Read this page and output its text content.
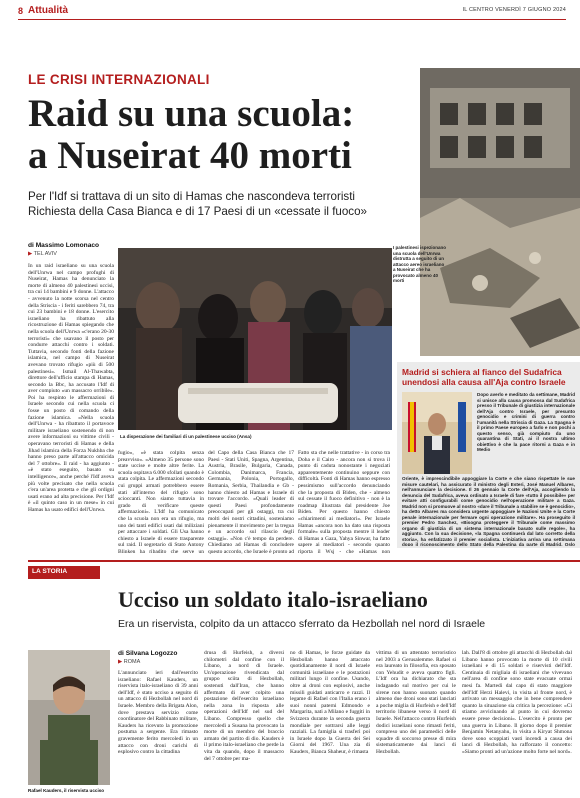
8 Attualità	IL CENTRO VENERDÌ 7 GIUGNO 2024
LE CRISI INTERNAZIONALI
Raid su una scuola:
a Nuseirat 40 morti
Per l'Idf si trattava di un sito di Hamas che nascondeva terroristi
Richiesta della Casa Bianca e di 17 Paesi di un «cessate il fuoco»
I palestinesi ispezionano una scuola dell'Unrwa distrutta a seguito di un attacco aereo israeliano a Nuseirat che ha provocato almeno 40 morti
di Massimo Lomonaco
▶ TEL AVIV
In un raid israeliano su una scuola dell'Unrwa nel campo profughi di Nuseirat, Hamas ha denunciato la morte di almeno 40 palestinesi uccisi, tra cui 14 bambini e 9 donne. L'attacco - avvenuto la notte scorsa nel centro della Striscia - i feriti sarebbero 74, tra cui 23 bambini e 18 donne. L'esercito israeliano ha ribattuto alla ricostruzione di Hamas spiegando che nella scuola dell'Unrwa «c'erano 20-30 terroristi» che usavano il posto per condurre attacchi contro i soldati. Tuttavia, secondo fonti della fazione islamica, nel campo di Nuseirat avevano trovato rifugio «più di 500 palestinesi». Ismail Al-Thawabta, direttore dell'ufficio stampa di Hamas, secondo la Bbc, ha accusato l'Idf di aver compiuto «un massacro orribile». Poi ha respinto le affermazioni di Israele secondo cui nella scuola ci fosse un posto di comando della fazione islamica. «Nella scuola dell'Unrwa - ha ribattuto il portavoce militare israeliano sostenendo di non avere informazioni su vittime civili - operavano terroristi di Hamas e della Jihad islamica della Forza Nukhba che hanno preso parte all'attacco omicida del 7 ottobre». Il raid - ha aggiunto - «è stato eseguito, basato su intelligence», anche perché l'Idf aveva più volte precisato che nella scuola c'era un'area protetta e che gli ordigni usati erano ad alta precisione. Per l'Idf è «il quinto caso in un mese» in cui Hamas ha usato edifici dell'Unrwa.
La disperazione dei familiari di un palestinese ucciso (Ansa)
fugio», «è stata colpita senza preavviso». «Almeno 35 persone sono state uccise e molte altre ferite. La scuola ospitava 6.000 sfollati quando è stata colpita. Le affermazioni secondo cui gruppi armati potrebbero essere stati all'interno del rifugio sono scioccanti. Non siamo tuttavia in grado di verificare queste affermazioni». L'Idf ha comunicato che la scuola non era un rifugio, ma uno dei tanti edifici usati dai miliziani per attaccare i soldati. Gli Usa hanno chiesto a Israele di essere trasparente sul raid. Il segretario di Stato Antony Blinken ha ribadito che serve un
del Capo della Casa Bianca che 17 Paesi - Stati Uniti, Spagna, Argentina, Austria, Brasile, Bulgaria, Canada, Colombia, Danimarca, Francia, Germania, Polonia, Portogallo, Romania, Serbia, Thailandia e Gb - hanno chiesto ad Hamas e Israele di trovare l'accordo. «Quali leader di questi Paesi profondamente preoccupati per gli ostaggi, tra cui molti dei nostri cittadini, sosteniamo pienamente il movimento per la tregua e un accordo sul rilascio degli ostaggi». «Non c'è tempo da perdere. Chiediamo ad Hamas di concludere questo accordo, che Israele è pronto ad
Fatto sta che nelle trattative - in corso tra Doha e il Cairo - ancora non si trova il punto di caduta nonostante i negoziati apparentemente continuino seppure con difficoltà. Fonti di Hamas hanno espresso pessimismo sull'accordo denunciando che la proposta di Biden, che - almeno sul cessate il fuoco definitivo - non è la roadmap illustrata dal presidente Joe Biden. Per questo hanno chiesto «chiarimenti ai mediatori». Per Israele Hamas «ancora non ha dato una risposta formale» sulla proposta mentre il leader di Hamas a Gaza, Yahya Sinwar, ha fatto sapere ai mediatori - secondo quanto riporta il Wsj - che «Hamas non
Madrid si schiera al fianco del Sudafrica unendosi alla causa all'Aja contro Israele
Dopo averlo e meditato da settimane, Madrid si unisce alla causa promossa dal Sudafrica presso il Tribunale di giustizia internazionale dell'Aja contro Israele, per presunto genocidio e crimini di guerra contro l'umanità nella Striscia di Gaza. La Spagna è il primo Paese europeo a farlo e non pochi a questo senso, già compiuto da uno quarantina di Stati, ai il nostra ultimo obiettivo è che la pace ritorni a Gaza e in Medio
Oriente, è imprescindibile appoggiare la Corte e che siano rispettate le sue misure cautelari, ha assicurato il ministro degli Esteri, José Manuel Albares, nell'annunciare la decisione. Il 26 gennaio la Corte dell'Aja, accogliendo la denuncia del Sudafrica, aveva ordinato a Israele di fare «tutto il possibile» per evitare atti configurabili come genocidio nell'operazione militare a Gaza. Madrid non si promuove al nostro «dare il Tribunale a stabilire se è genocidio», ha detto Albares ma considera urgente appoggiare le Nazioni Unite e la Corte penale internazionale per fermare ogni operazione militare». Ha proseguito il premier Pedro Sanchez, «Bisogna proteggere il Tribunale come massimo organo di giustizia di un sistema internazionale basato sulle regole», ha aggiunto. Con la sua decisione, «la Spagna continuerà dal lato corretto della storia», ha enfatizzato il premier socialista. L'iniziativa arriva una settimana dopo il riconoscimento dello Stato della Palestina da parte di Madrid, Oslo
LA STORIA
Ucciso un soldato italo-israeliano
Era un riservista, colpito da un attacco sferrato da Hezbollah nel nord di Israele
Rafael Kauders, il riservista ucciso
di Silvana Logozzo
▶ ROMA
L'annunciato ieri dall'esercito israeliano: Rafael Kauders, un riservista italo-israeliano di 39 anni dell'Idf, è stato ucciso a seguito di un attacco di Hezbollah nel nord di Israele. Membro della Brigata Alon, dove prestava servizio come coordinatore del Rabbinato militare, Kauders ha ricevuto la promozione postuma a sergente. Era rimasto gravemente ferito mercoledì in un attacco con droni carichi di esplosivo contro la cittadina
drusa di Hurfeish, a diversi chilometri dal confine con il Libano, a nord di Israele. Un'operazione rivendicata dal gruppo sciita di Hezbollah, sostenuti dall'Iran, che hanno affermato di aver colpito una postazione dell'esercito israeliano nella zona in risposta alle operazioni dell'Idf nel sud del Libano. Compresso quello che mercoledì a Susana ha provocato la morte di un membro del braccio armato del partito di dio. Kauders è il primo italo-israeliano che perde la vita da quando, dopo il massacro del 7 ottobre per ma-
no di Hamas, le forze guidate da Hezbollah hanno attaccato quotidianamente il nord di Israele comunità israeliane e le postazioni militari lungo il confine. Usando, oltre ai droni con esplosivi, anche missili guidati anticarro e razzi. Il legame di Rafael con l'Italia erano i suoi nonni paterni Edmondo e Margarita, nati a Milano e fuggiti in Svizzera durante la seconda guerra mondiale per sottrarsi alle leggi razziali. La famiglia si trasferì poi in Israele dopo la Guerra dei Sei Giorni del 1967. Una zia di Kauders, Bianca Shaheur, è rimasta
vittima di un attentato terroristico nel 2003 a Gerusalemme. Rafael si era laureato in filosofia, era sposato con Yehudit e aveva quattro figli. L'Idf ora ha dichiarato che sta indagando sul motivo per cui le sirene non hanno suonato quando almeno due droni sono stati lanciati a poche miglia di Hurfeish e dell'Idf territorio libanese verso il nord di Israele. Nell'attacco contro Hurfeish dodici israeliani sono rimasti feriti, compreso uno dei paramedici delle squadre di soccorso presse di mira sistematicamente dai lanci di Hezbollah.
lah. Dall'8 di ottobre gli attacchi di Hezbollah dal Libano hanno provocato la morte di 10 civili israeliani e di 15 soldati e riservisti dell'Idf. Centinaia di migliaia di israeliani che vivevano nell'area di confine sono state evacuate ormai mesi fa. Martedì dal capo di stato maggiore dell'Idf Herzi Halevi, in visita al fronte nord, è arrivato un messaggio che in bene comprendere quanto la situazione sia critica la percezione: «Ci stiamo avvicinando al punto in cui dovremo essere prese decisioni». L'esercito è pronto per una guerra in Libano. Il giorno dopo il premier Benjamin Netanyahu, in visita a Kiryat Shmona dove sono scoppiati vasti incendi a causa dei lanci di Hezbollah, ha rafforzato il concetto: «Siamo pronti ad un'azione molto forte nel nord».
